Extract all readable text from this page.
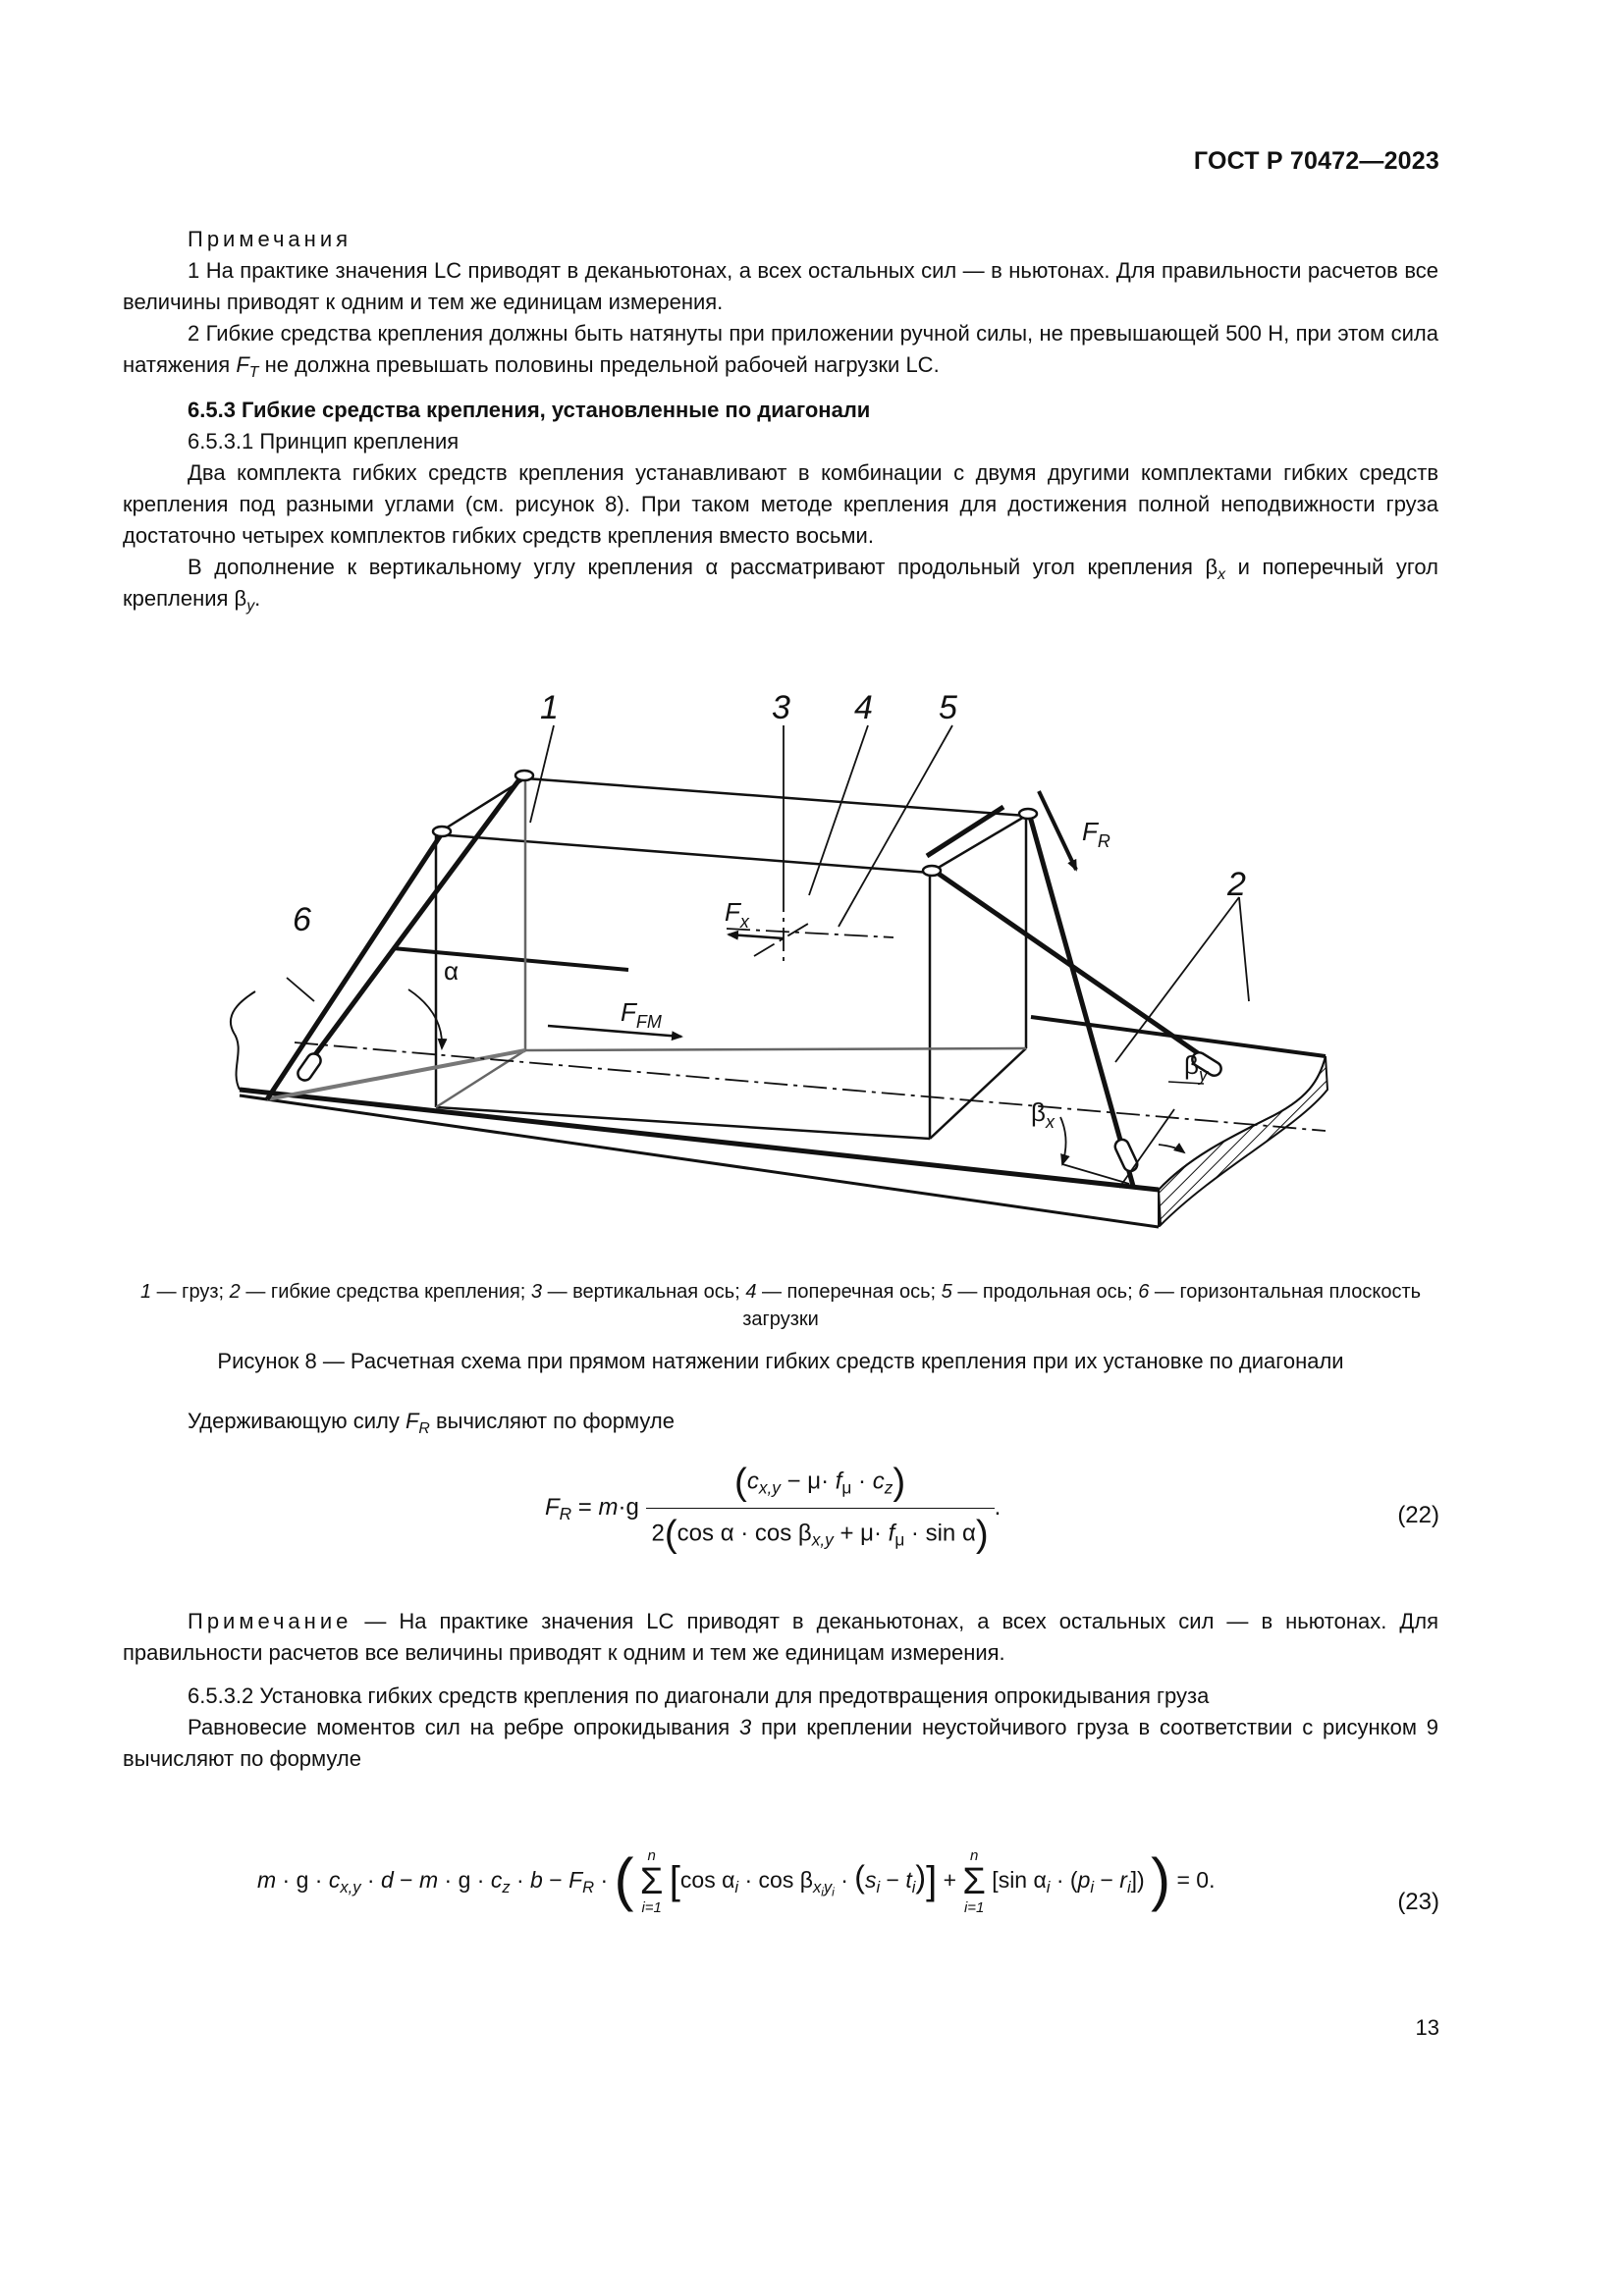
ГОСТ Р 70472—2023
Примечания
1 На практике значения LC приводят в деканьютонах, а всех остальных сил — в ньютонах. Для правильности расчетов все величины приводят к одним и тем же единицам измерения.
2 Гибкие средства крепления должны быть натянуты при приложении ручной силы, не превышающей 500 Н, при этом сила натяжения $F_T$ не должна превышать половины предельной рабочей нагрузки LC.
6.5.3 Гибкие средства крепления, установленные по диагонали
6.5.3.1 Принцип крепления
Два комплекта гибких средств крепления устанавливают в комбинации с двумя другими комплектами гибких средств крепления под разными углами (см. рисунок 8). При таком методе крепления для достижения полной неподвижности груза достаточно четырех комплектов гибких средств крепления вместо восьми.
В дополнение к вертикальному углу крепления α рассматривают продольный угол крепления $\beta_x$ и поперечный угол крепления $\beta_y$.
1	3 4 5
2
6
$F_R$
$F_x$
$F_{FM}$
α
$\beta_x$
$\beta_y$
1 — груз; 2 — гибкие средства крепления; 3 — вертикальная ось; 4 — поперечная ось; 5 — продольная ось; 6 — горизонтальная плоскость загрузки
Рисунок 8 — Расчетная схема при прямом натяжении гибких средств крепления при их установке по диагонали
Удерживающую силу $F_R$ вычисляют по формуле
$F_R = m\cdot g \frac{(c_{x,y} - \mu\cdot f_\mu \cdot c_z)}{2(\cos \alpha \cdot \cos \beta_{x,y} + \mu\cdot f_\mu \cdot \sin \alpha)}$ .	(22)
Примечание — На практике значения LC приводят в деканьютонах, а всех остальных сил — в ньютонах. Для правильности расчетов все величины приводят к одним и тем же единицам измерения.
6.5.3.2 Установка гибких средств крепления по диагонали для предотвращения опрокидывания груза
Равновесие моментов сил на ребре опрокидывания 3 при креплении неустойчивого груза в соответствии с рисунком 9 вычисляют по формуле
$m \cdot g \cdot c_{x,y} \cdot d - m \cdot g \cdot c_z \cdot b - F_R$ · ( n
Σ
i=1
[cos $\alpha_i \cdot \cos \beta_{x_iy_i} \cdot (s_i - t_i)$] +
n
Σ
i=1
[sin $\alpha_i \cdot (p_i - r_i]$) ) = 0.
(23)
13
